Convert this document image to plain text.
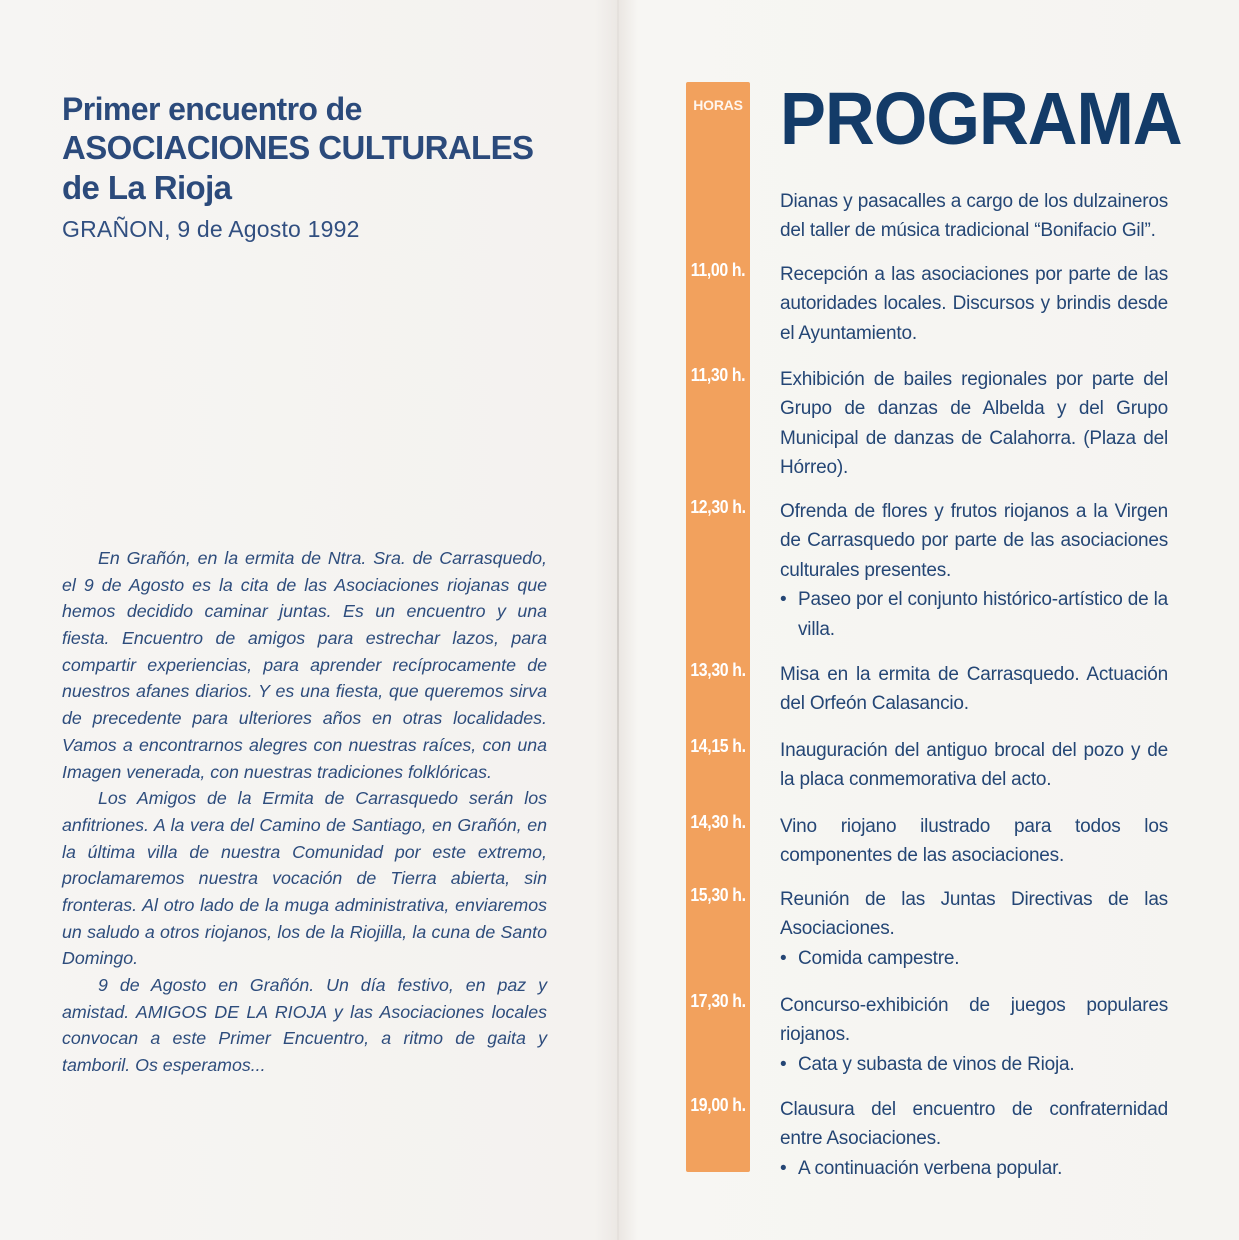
Primer encuentro de
ASOCIACIONES CULTURALES
de La Rioja
GRAÑON, 9 de Agosto 1992

En Grañón, en la ermita de Ntra. Sra. de Carrasquedo, el 9 de Agosto es la cita de las Asociaciones riojanas que hemos decidido caminar juntas. Es un encuentro y una fiesta. Encuentro de amigos para estrechar lazos, para compartir experiencias, para aprender recíprocamente de nuestros afanes diarios. Y es una fiesta, que queremos sirva de precedente para ulteriores años en otras localidades. Vamos a encontrarnos alegres con nuestras raíces, con una Imagen venerada, con nuestras tradiciones folklóricas.

Los Amigos de la Ermita de Carrasquedo serán los anfitriones. A la vera del Camino de Santiago, en Grañón, en la última villa de nuestra Comunidad por este extremo, proclamaremos nuestra vocación de Tierra abierta, sin fronteras. Al otro lado de la muga administrativa, enviaremos un saludo a otros riojanos, los de la Riojilla, la cuna de Santo Domingo.

9 de Agosto en Grañón. Un día festivo, en paz y amistad. AMIGOS DE LA RIOJA y las Asociaciones locales convocan a este Primer Encuentro, a ritmo de gaita y tamboril. Os esperamos...

HORAS PROGRAMA
Dianas y pasacalles a cargo de los dulzaineros del taller de música tradicional “Bonifacio Gil”.
11,00 h. Recepción a las asociaciones por parte de las autoridades locales. Discursos y brindis desde el Ayuntamiento.
11,30 h. Exhibición de bailes regionales por parte del Grupo de danzas de Albelda y del Grupo Municipal de danzas de Calahorra. (Plaza del Hórreo).
12,30 h. Ofrenda de flores y frutos riojanos a la Virgen de Carrasquedo por parte de las asociaciones culturales presentes.
• Paseo por el conjunto histórico-artístico de la villa.
13,30 h. Misa en la ermita de Carrasquedo. Actuación del Orfeón Calasancio.
14,15 h. Inauguración del antiguo brocal del pozo y de la placa conmemorativa del acto.
14,30 h. Vino riojano ilustrado para todos los componentes de las asociaciones.
15,30 h. Reunión de las Juntas Directivas de las Asociaciones.
• Comida campestre.
17,30 h. Concurso-exhibición de juegos populares riojanos.
• Cata y subasta de vinos de Rioja.
19,00 h. Clausura del encuentro de confraternidad entre Asociaciones.
• A continuación verbena popular.
